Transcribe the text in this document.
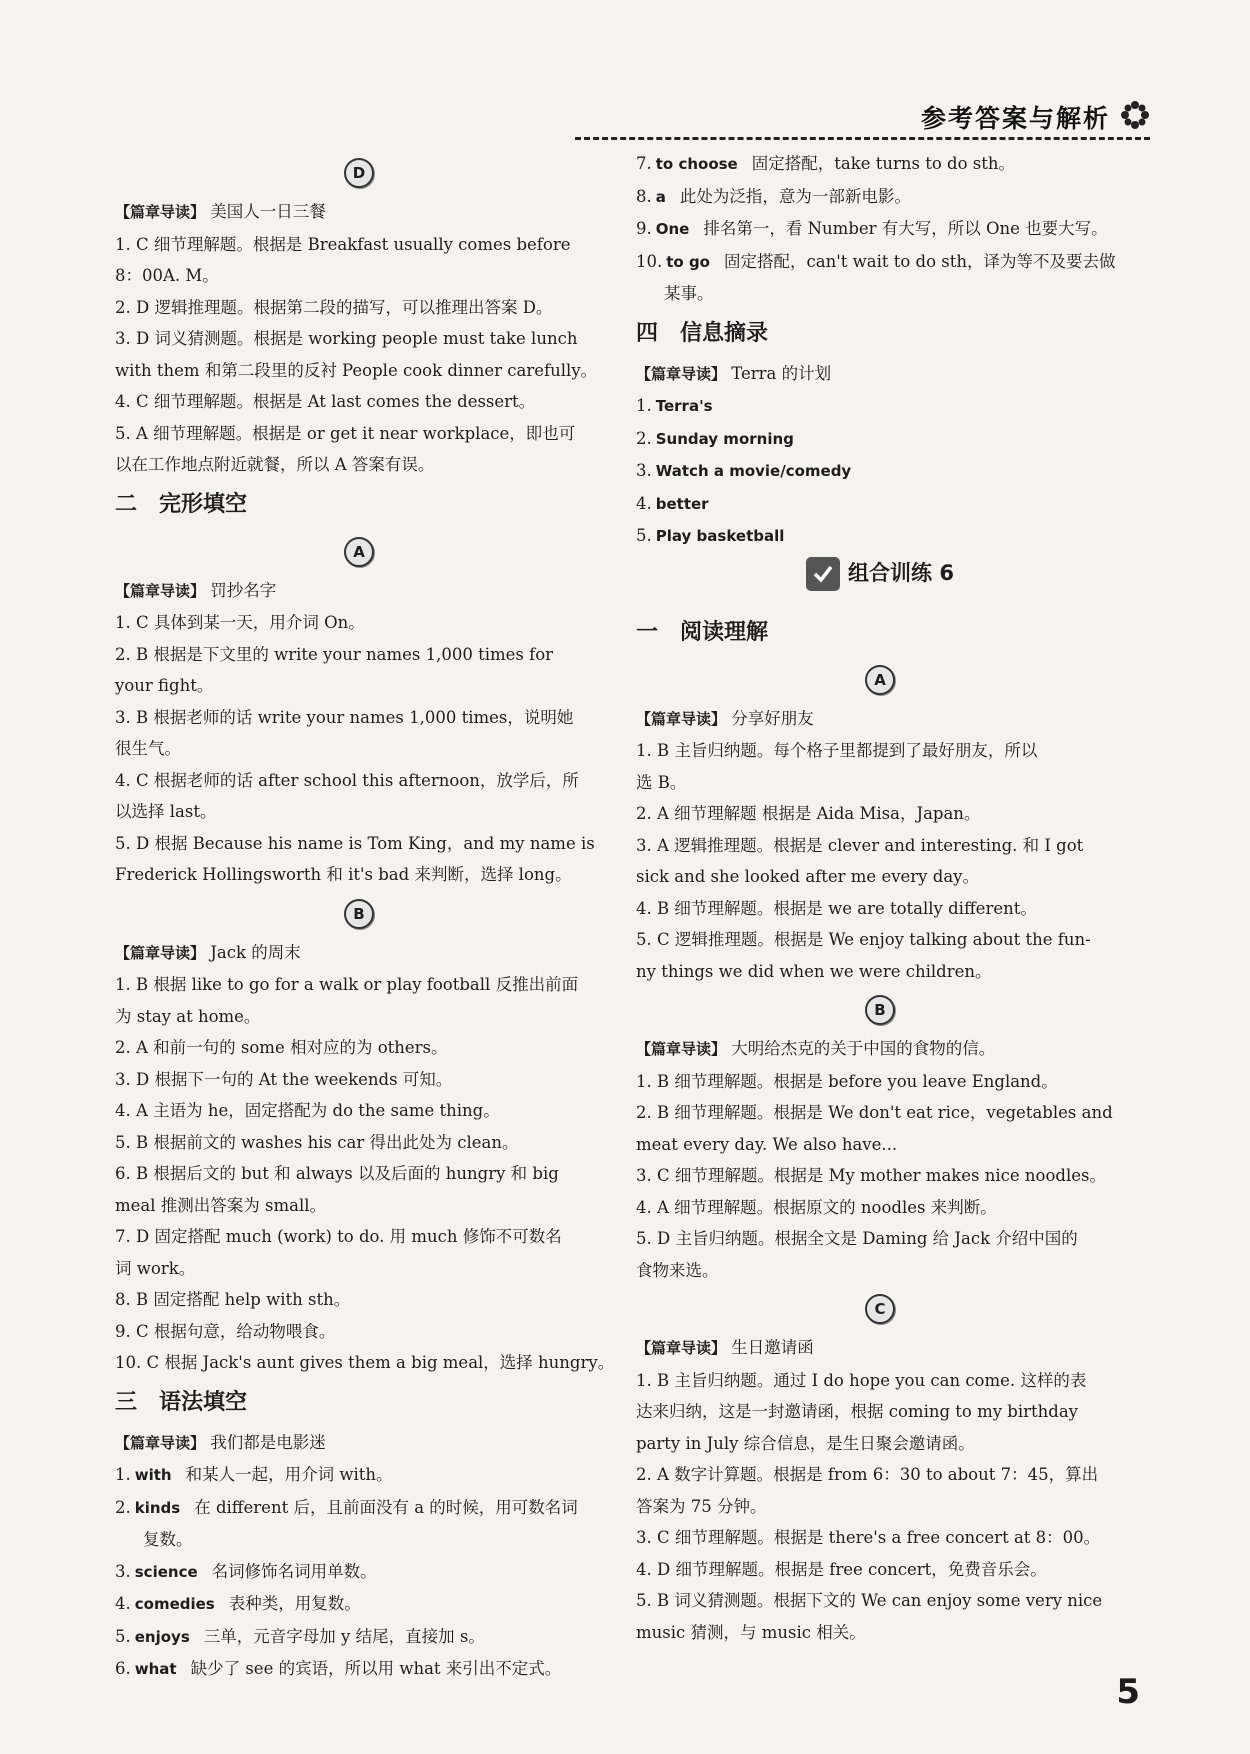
参考答案与解析
D
【篇章导读】 美国人一日三餐
1. C 细节理解题。根据是 Breakfast usually comes before
8：00A. M。
2. D 逻辑推理题。根据第二段的描写，可以推理出答案 D。
3. D 词义猜测题。根据是 working people must take lunch
with them 和第二段里的反衬 People cook dinner carefully。
4. C 细节理解题。根据是 At last comes the dessert。
5. A 细节理解题。根据是 or get it near workplace，即也可
以在工作地点附近就餐，所以 A 答案有误。
二 完形填空
A
【篇章导读】 罚抄名字
1. C 具体到某一天，用介词 On。
2. B 根据是下文里的 write your names 1,000 times for
your fight。
3. B 根据老师的话 write your names 1,000 times，说明她
很生气。
4. C 根据老师的话 after school this afternoon，放学后，所
以选择 last。
5. D 根据 Because his name is Tom King，and my name is
Frederick Hollingsworth 和 it's bad 来判断，选择 long。
B
【篇章导读】 Jack 的周末
1. B 根据 like to go for a walk or play football 反推出前面
为 stay at home。
2. A 和前一句的 some 相对应的为 others。
3. D 根据下一句的 At the weekends 可知。
4. A 主语为 he，固定搭配为 do the same thing。
5. B 根据前文的 washes his car 得出此处为 clean。
6. B 根据后文的 but 和 always 以及后面的 hungry 和 big
meal 推测出答案为 small。
7. D 固定搭配 much (work) to do. 用 much 修饰不可数名
词 work。
8. B 固定搭配 help with sth。
9. C 根据句意，给动物喂食。
10. C 根据 Jack's aunt gives them a big meal，选择 hungry。
三 语法填空
【篇章导读】 我们都是电影迷
1. with 和某人一起，用介词 with。
2. kinds 在 different 后，且前面没有 a 的时候，用可数名词
复数。
3. science 名词修饰名词用单数。
4. comedies 表种类，用复数。
5. enjoys 三单，元音字母加 y 结尾，直接加 s。
6. what 缺少了 see 的宾语，所以用 what 来引出不定式。
7. to choose 固定搭配，take turns to do sth。
8. a 此处为泛指，意为一部新电影。
9. One 排名第一，看 Number 有大写，所以 One 也要大写。
10. to go 固定搭配，can't wait to do sth，译为等不及要去做
某事。
四 信息摘录
【篇章导读】 Terra 的计划
1. Terra's
2. Sunday morning
3. Watch a movie/comedy
4. better
5. Play basketball
组合训练 6
一 阅读理解
A
【篇章导读】 分享好朋友
1. B 主旨归纳题。每个格子里都提到了最好朋友，所以
选 B。
2. A 细节理解题 根据是 Aida Misa，Japan。
3. A 逻辑推理题。根据是 clever and interesting. 和 I got
sick and she looked after me every day。
4. B 细节理解题。根据是 we are totally different。
5. C 逻辑推理题。根据是 We enjoy talking about the fun-
ny things we did when we were children。
B
【篇章导读】 大明给杰克的关于中国的食物的信。
1. B 细节理解题。根据是 before you leave England。
2. B 细节理解题。根据是 We don't eat rice，vegetables and
meat every day. We also have...
3. C 细节理解题。根据是 My mother makes nice noodles。
4. A 细节理解题。根据原文的 noodles 来判断。
5. D 主旨归纳题。根据全文是 Daming 给 Jack 介绍中国的
食物来选。
C
【篇章导读】 生日邀请函
1. B 主旨归纳题。通过 I do hope you can come. 这样的表
达来归纳，这是一封邀请函，根据 coming to my birthday
party in July 综合信息，是生日聚会邀请函。
2. A 数字计算题。根据是 from 6：30 to about 7：45，算出
答案为 75 分钟。
3. C 细节理解题。根据是 there's a free concert at 8：00。
4. D 细节理解题。根据是 free concert，免费音乐会。
5. B 词义猜测题。根据下文的 We can enjoy some very nice
music 猜测，与 music 相关。
5
